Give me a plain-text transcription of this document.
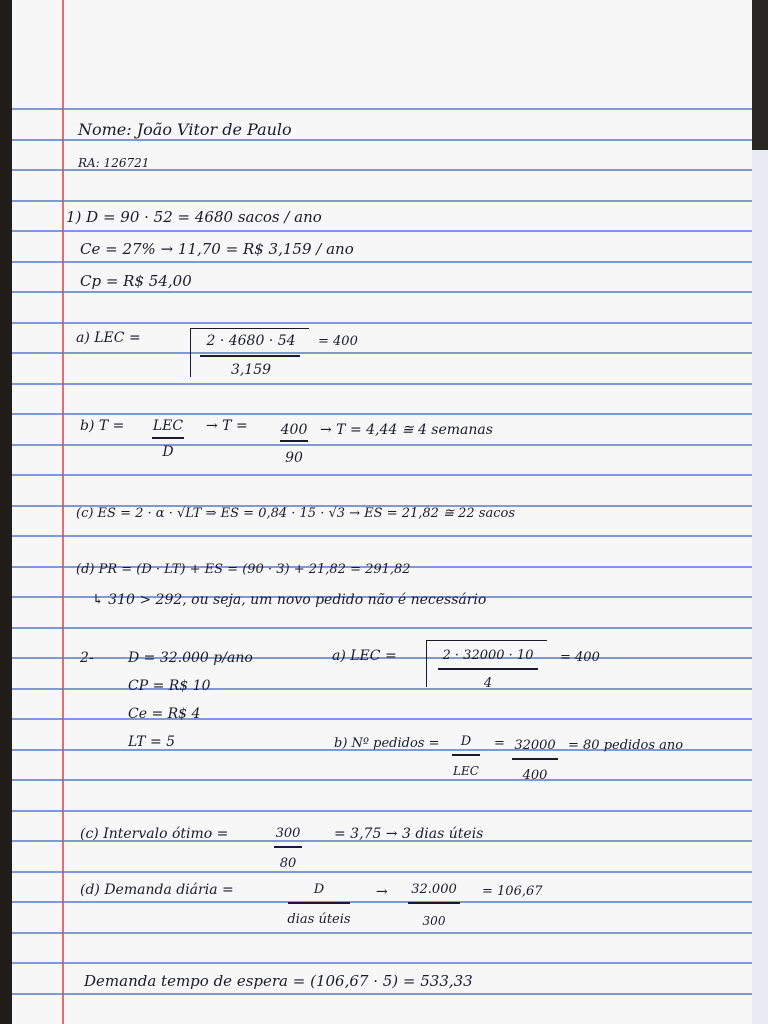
Nome: João Vitor de Paulo
RA: 126721
1) D = 90 · 52 = 4680 sacos / ano
Ce = 27% → 11,70 = R$ 3,159 / ano
Cp = R$ 54,00
a) LEC =	2 · 4680 · 54
3,159
= 400
b) T =	LEC
D
→ T =	400
90
→ T = 4,44 ≅ 4 semanas
(c) ES = 2 · α · √LT ⇒ ES = 0,84 · 15 · √3 → ES = 21,82 ≅ 22 sacos
(d) PR = (D · LT) + ES = (90 · 3) + 21,82 = 291,82
↳ 310 > 292, ou seja, um novo pedido não é necessário
2- D = 32.000 p/ano
CP = R$ 10
Ce = R$ 4
LT = 5
a) LEC =	2 · 32000 · 10
4
= 400
b) Nº pedidos =	D
LEC
= 32000
400
= 80 pedidos ano
(c) Intervalo ótimo =	300
80
= 3,75 → 3 dias úteis
(d) Demanda diária =	D
dias úteis
→	32.000
300
= 106,67
Demanda tempo de espera = (106,67 · 5) = 533,33
